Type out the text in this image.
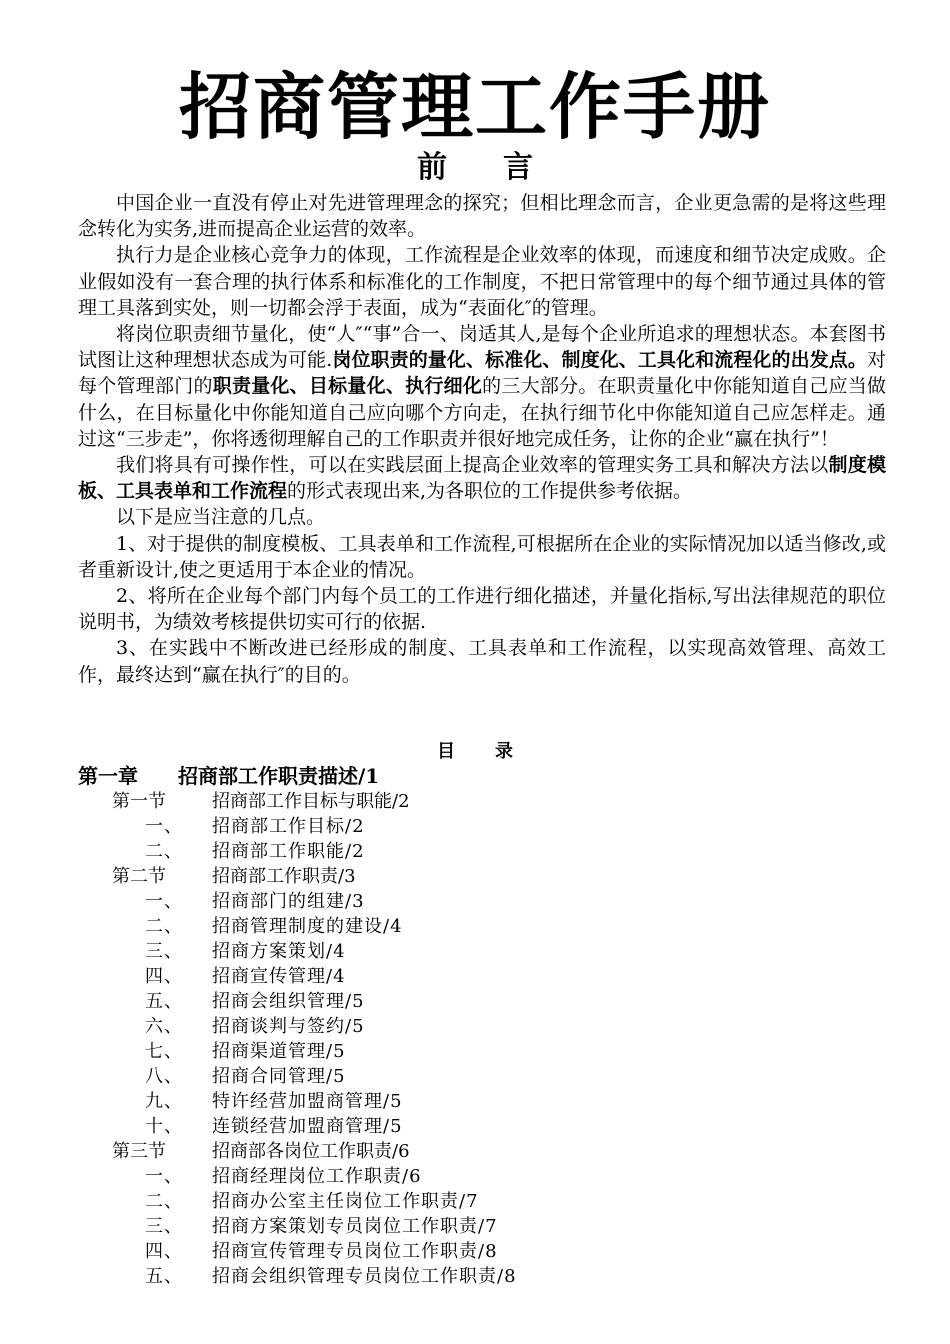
招商管理工作手册
前言

中国企业一直没有停止对先进管理理念的探究；但相比理念而言，企业更急需的是将这些理念转化为实务,进而提高企业运营的效率。

执行力是企业核心竞争力的体现，工作流程是企业效率的体现，而速度和细节决定成败。企业假如没有一套合理的执行体系和标准化的工作制度，不把日常管理中的每个细节通过具体的管理工具落到实处，则一切都会浮于表面，成为“表面化″的管理。

将岗位职责细节量化，使“人″“事”合一、岗适其人,是每个企业所追求的理想状态。本套图书试图让这种理想状态成为可能.岗位职责的量化、标准化、制度化、工具化和流程化的出发点。对每个管理部门的职责量化、目标量化、执行细化的三大部分。在职责量化中你能知道自己应当做什么，在目标量化中你能知道自己应向哪个方向走，在执行细节化中你能知道自己应怎样走。通过这“三步走”，你将透彻理解自己的工作职责并很好地完成任务，让你的企业“赢在执行”！

我们将具有可操作性，可以在实践层面上提高企业效率的管理实务工具和解决方法以制度模板、工具表单和工作流程的形式表现出来,为各职位的工作提供参考依据。

以下是应当注意的几点。

1、对于提供的制度模板、工具表单和工作流程,可根据所在企业的实际情况加以适当修改,或者重新设计,使之更适用于本企业的情况。

2、将所在企业每个部门内每个员工的工作进行细化描述，并量化指标,写出法律规范的职位说明书，为绩效考核提供切实可行的依据.

3、在实践中不断改进已经形成的制度、工具表单和工作流程，以实现高效管理、高效工作，最终达到“赢在执行″的目的。

目录
第一章 招商部工作职责描述/1
第一节	招商部工作目标与职能/2
一、 招商部工作目标/2
二、 招商部工作职能/2
第二节	招商部工作职责/3
一、 招商部门的组建/3
二、 招商管理制度的建设/4
三、 招商方案策划/4
四、 招商宣传管理/4
五、 招商会组织管理/5
六、 招商谈判与签约/5
七、 招商渠道管理/5
八、 招商合同管理/5
九、 特许经营加盟商管理/5
十、 连锁经营加盟商管理/5
第三节	招商部各岗位工作职责/6
一、 招商经理岗位工作职责/6
二、 招商办公室主任岗位工作职责/7
三、 招商方案策划专员岗位工作职责/7
四、 招商宣传管理专员岗位工作职责/8
五、 招商会组织管理专员岗位工作职责/8
